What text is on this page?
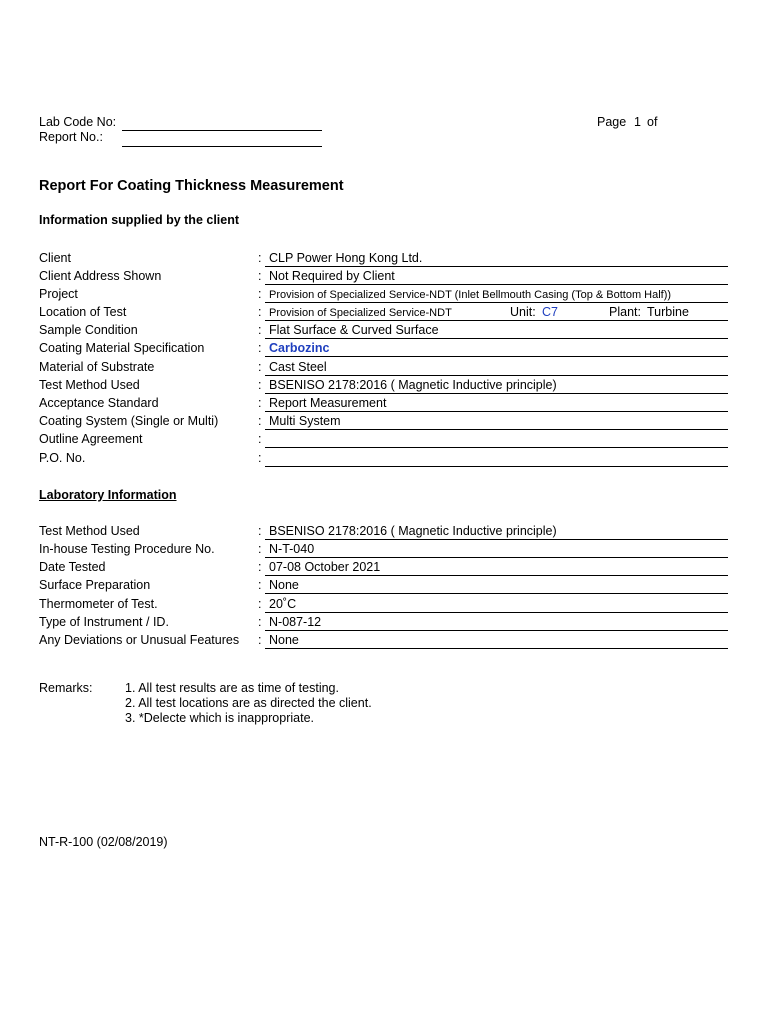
Lab Code No:
Report No.:
Page 1 of
Report For Coating Thickness Measurement
Information supplied by the client
Client	: CLP Power Hong Kong Ltd.
Client Address Shown	: Not Required by Client
Project	: Provision of Specialized Service-NDT (Inlet Bellmouth Casing (Top & Bottom Half))
Location of Test	: Provision of Specialized Service-NDT	Unit: C7	Plant: Turbine
Sample Condition	: Flat Surface & Curved Surface
Coating Material Specification	: Carbozinc
Material of Substrate	: Cast Steel
Test Method Used	: BSENISO 2178:2016 ( Magnetic Inductive principle)
Acceptance Standard	: Report Measurement
Coating System (Single or Multi)	: Multi System
Outline Agreement	:
P.O. No.	:
Laboratory Information
Test Method Used	: BSENISO 2178:2016 ( Magnetic Inductive principle)
In-house Testing Procedure No.	: N-T-040
Date Tested	: 07-08 October 2021
Surface Preparation	: None
Thermometer of Test.	: 20˚C
Type of Instrument / ID.	: N-087-12
Any Deviations or Unusual Features : None
Remarks:	1. All test results are as time of testing.
2. All test locations are as directed the client.
3. *Delecte which is inappropriate.
NT-R-100 (02/08/2019)
